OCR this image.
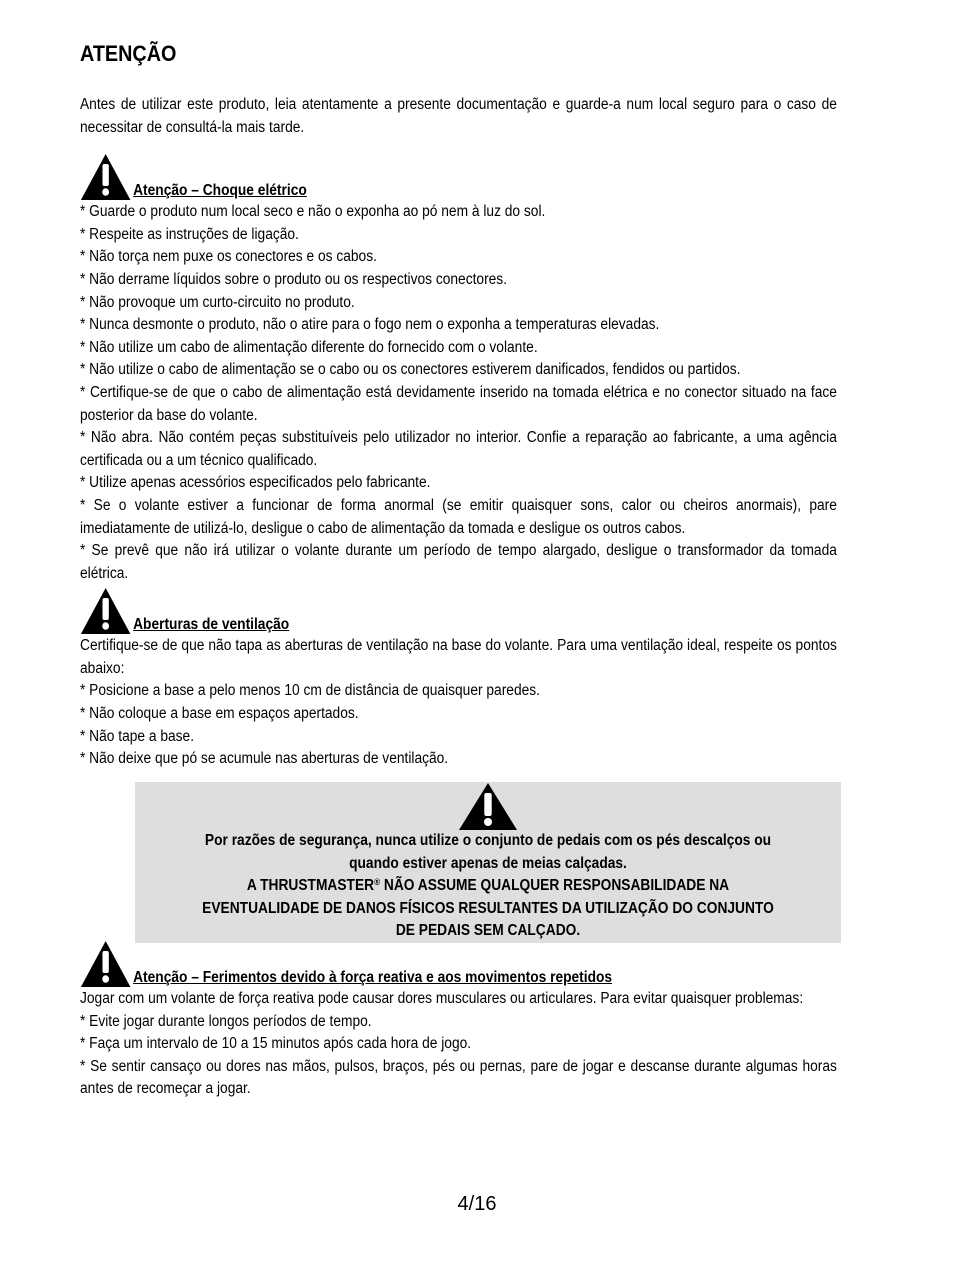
ATENÇÃO

Antes de utilizar este produto, leia atentamente a presente documentação e guarde-a num local seguro para o caso de necessitar de consultá-la mais tarde.

Atenção – Choque elétrico

* Guarde o produto num local seco e não o exponha ao pó nem à luz do sol.

* Respeite as instruções de ligação.

* Não torça nem puxe os conectores e os cabos.

* Não derrame líquidos sobre o produto ou os respectivos conectores.

* Não provoque um curto-circuito no produto.

* Nunca desmonte o produto, não o atire para o fogo nem o exponha a temperaturas elevadas.

* Não utilize um cabo de alimentação diferente do fornecido com o volante.

* Não utilize o cabo de alimentação se o cabo ou os conectores estiverem danificados, fendidos ou partidos.

* Certifique-se de que o cabo de alimentação está devidamente inserido na tomada elétrica e no conector situado na face posterior da base do volante.

* Não abra. Não contém peças substituíveis pelo utilizador no interior. Confie a reparação ao fabricante, a uma agência certificada ou a um técnico qualificado.

* Utilize apenas acessórios especificados pelo fabricante.

* Se o volante estiver a funcionar de forma anormal (se emitir quaisquer sons, calor ou cheiros anormais), pare imediatamente de utilizá-lo, desligue o cabo de alimentação da tomada e desligue os outros cabos.

* Se prevê que não irá utilizar o volante durante um período de tempo alargado, desligue o transformador da tomada elétrica.

Aberturas de ventilação

Certifique-se de que não tapa as aberturas de ventilação na base do volante. Para uma ventilação ideal, respeite os pontos abaixo:

* Posicione a base a pelo menos 10 cm de distância de quaisquer paredes.

* Não coloque a base em espaços apertados.

* Não tape a base.

* Não deixe que pó se acumule nas aberturas de ventilação.

Por razões de segurança, nunca utilize o conjunto de pedais com os pés descalços ou
quando estiver apenas de meias calçadas.
A THRUSTMASTER® NÃO ASSUME QUALQUER RESPONSABILIDADE NA
EVENTUALIDADE DE DANOS FÍSICOS RESULTANTES DA UTILIZAÇÃO DO CONJUNTO
DE PEDAIS SEM CALÇADO.
Atenção – Ferimentos devido à força reativa e aos movimentos repetidos

Jogar com um volante de força reativa pode causar dores musculares ou articulares. Para evitar quaisquer problemas:

* Evite jogar durante longos períodos de tempo.

* Faça um intervalo de 10 a 15 minutos após cada hora de jogo.

* Se sentir cansaço ou dores nas mãos, pulsos, braços, pés ou pernas, pare de jogar e descanse durante algumas horas antes de recomeçar a jogar.

4/16
